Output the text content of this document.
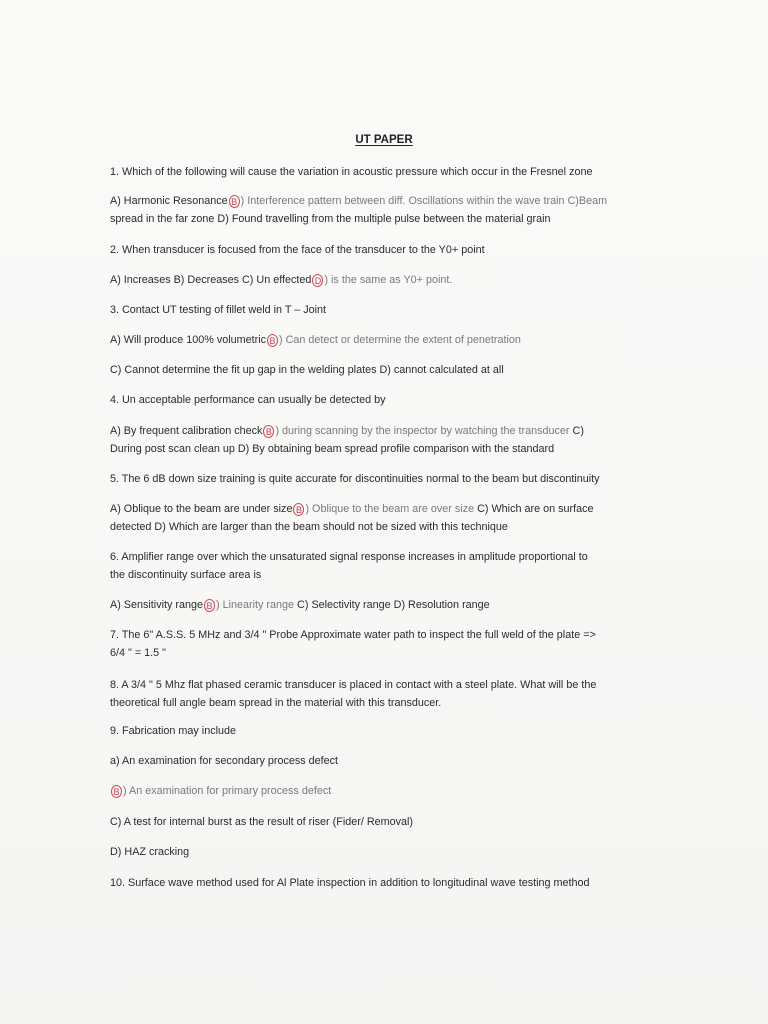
UT PAPER
1. Which of the following will cause the variation in acoustic pressure which occur in the Fresnel zone
A) Harmonic Resonance B ) Interference pattern between diff. Oscillations within the wave train C)Beam
spread in the far zone D) Found travelling from the multiple pulse between the material grain
2. When transducer is focused from the face of the transducer to the Y0+ point
A) Increases B) Decreases C) Un effected D ) is the same as Y0+ point.
3. Contact UT testing of fillet weld in T – Joint
A) Will produce 100% volumetric B ) Can detect or determine the extent of penetration
C) Cannot determine the fit up gap in the welding plates D) cannot calculated at all
4. Un acceptable performance can usually be detected by
A) By frequent calibration check B ) during scanning by the inspector by watching the transducer C)
During post scan clean up D) By obtaining beam spread profile comparison with the standard
5. The 6 dB down size training is quite accurate for discontinuities normal to the beam but discontinuity
A) Oblique to the beam are under size B ) Oblique to the beam are over size C) Which are on surface
detected D) Which are larger than the beam should not be sized with this technique
6. Amplifier range over which the unsaturated signal response increases in amplitude proportional to
the discontinuity surface area is
A) Sensitivity range B ) Linearity range C) Selectivity range D) Resolution range
7. The 6" A.S.S. 5 MHz and 3/4 " Probe Approximate water path to inspect the full weld of the plate =>
6/4 " = 1.5 "
8. A 3/4 " 5 Mhz flat phased ceramic transducer is placed in contact with a steel plate. What will be the
theoretical full angle beam spread in the material with this transducer.
9. Fabrication may include
a) An examination for secondary process defect
B ) An examination for primary process defect
C) A test for internal burst as the result of riser (Fider/ Removal)
D) HAZ cracking
10. Surface wave method used for Al Plate inspection in addition to longitudinal wave testing method
